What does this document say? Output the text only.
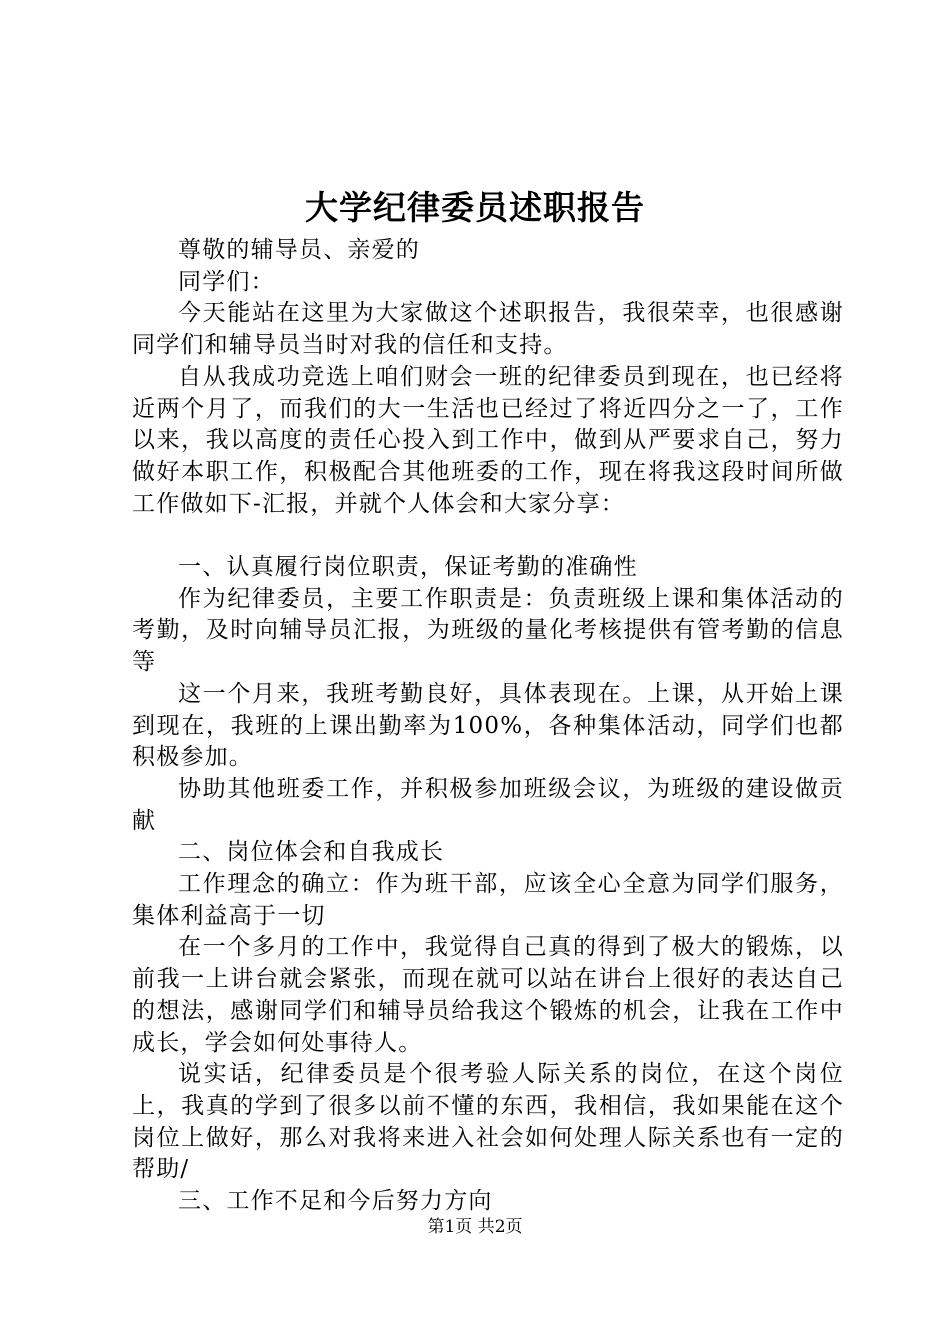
大学纪律委员述职报告

尊敬的辅导员、亲爱的

同学们：

今天能站在这里为大家做这个述职报告，我很荣幸，也很感谢同学们和辅导员当时对我的信任和支持。

自从我成功竞选上咱们财会一班的纪律委员到现在，也已经将近两个月了，而我们的大一生活也已经过了将近四分之一了，工作以来，我以高度的责任心投入到工作中，做到从严要求自己，努力做好本职工作，积极配合其他班委的工作，现在将我这段时间所做工作做如下-汇报，并就个人体会和大家分享：

一、认真履行岗位职责，保证考勤的准确性

作为纪律委员，主要工作职责是：负责班级上课和集体活动的考勤，及时向辅导员汇报，为班级的量化考核提供有管考勤的信息等

这一个月来，我班考勤良好，具体表现在。上课，从开始上课到现在，我班的上课出勤率为100%，各种集体活动，同学们也都积极参加。

协助其他班委工作，并积极参加班级会议，为班级的建设做贡献

二、岗位体会和自我成长

工作理念的确立：作为班干部，应该全心全意为同学们服务，集体利益高于一切

在一个多月的工作中，我觉得自己真的得到了极大的锻炼，以前我一上讲台就会紧张，而现在就可以站在讲台上很好的表达自己的想法，感谢同学们和辅导员给我这个锻炼的机会，让我在工作中成长，学会如何处事待人。

说实话，纪律委员是个很考验人际关系的岗位，在这个岗位上，我真的学到了很多以前不懂的东西，我相信，我如果能在这个岗位上做好，那么对我将来进入社会如何处理人际关系也有一定的帮助/

三、工作不足和今后努力方向

第1页 共2页
